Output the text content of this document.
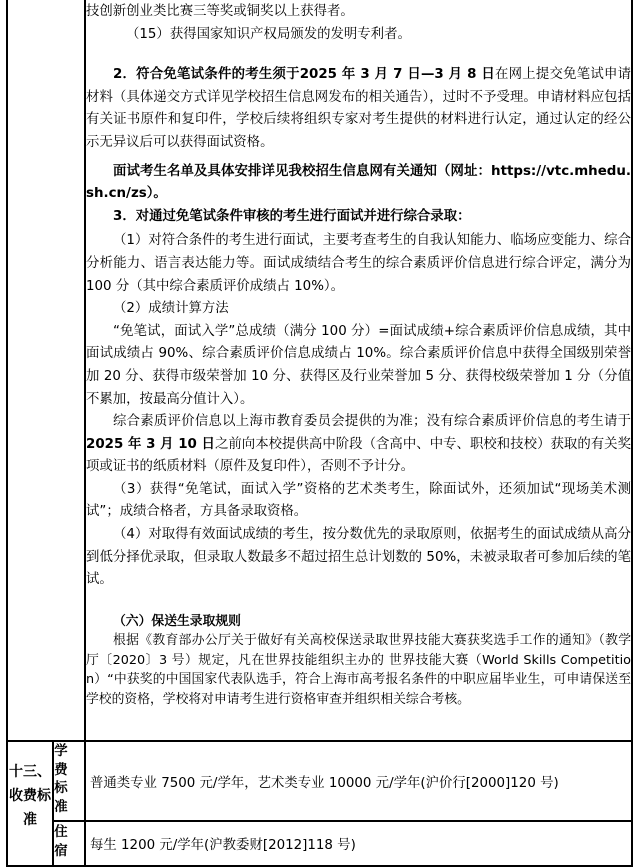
技创新创业类比赛三等奖或铜奖以上获得者。

（15）获得国家知识产权局颁发的发明专利者。

2．符合免笔试条件的考生须于2025 年 3 月 7 日—3 月 8 日在网上提交免笔试申请材料（具体递交方式详见学校招生信息网发布的相关通告），过时不予受理。申请材料应包括有关证书原件和复印件，学校后续将组织专家对考生提供的材料进行认定，通过认定的经公示无异议后可以获得面试资格。

面试考生名单及具体安排详见我校招生信息网有关通知（网址：https://vtc.mhedu.sh.cn/zs）。

3．对通过免笔试条件审核的考生进行面试并进行综合录取：

（1）对符合条件的考生进行面试，主要考查考生的自我认知能力、临场应变能力、综合分析能力、语言表达能力等。面试成绩结合考生的综合素质评价信息进行综合评定，满分为 100 分（其中综合素质评价成绩占 10%）。

（2）成绩计算方法

“免笔试，面试入学”总成绩（满分 100 分）=面试成绩+综合素质评价信息成绩，其中面试成绩占 90%、综合素质评价信息成绩占 10%。综合素质评价信息中获得全国级别荣誉加 20 分、获得市级荣誉加 10 分、获得区及行业荣誉加 5 分、获得校级荣誉加 1 分（分值不累加，按最高分值计入）。

综合素质评价信息以上海市教育委员会提供的为准；没有综合素质评价信息的考生请于2025 年 3 月 10 日之前向本校提供高中阶段（含高中、中专、职校和技校）获取的有关奖项或证书的纸质材料（原件及复印件），否则不予计分。

（3）获得“免笔试，面试入学”资格的艺术类考生，除面试外，还须加试“现场美术测试”；成绩合格者，方具备录取资格。

（4）对取得有效面试成绩的考生，按分数优先的录取原则，依据考生的面试成绩从高分到低分择优录取，但录取人数最多不超过招生总计划数的 50%，未被录取者可参加后续的笔试。

（六）保送生录取规则

根据《教育部办公厅关于做好有关高校保送录取世界技能大赛获奖选手工作的通知》（教学厅〔2020〕3 号）规定，凡在世界技能组织主办的 世界技能大赛（World Skills Competition）“中获奖的中国国家代表队选手，符合上海市高考报名条件的中职应届毕业生，可申请保送至学校的资格，学校将对申请考生进行资格审查并组织相关综合考核。

十三、收费标准
学费标准
住宿
普通类专业 7500 元/学年，艺术类专业 10000 元/学年(沪价行[2000]120 号)
每生 1200 元/学年(沪教委财[2012]118 号)
